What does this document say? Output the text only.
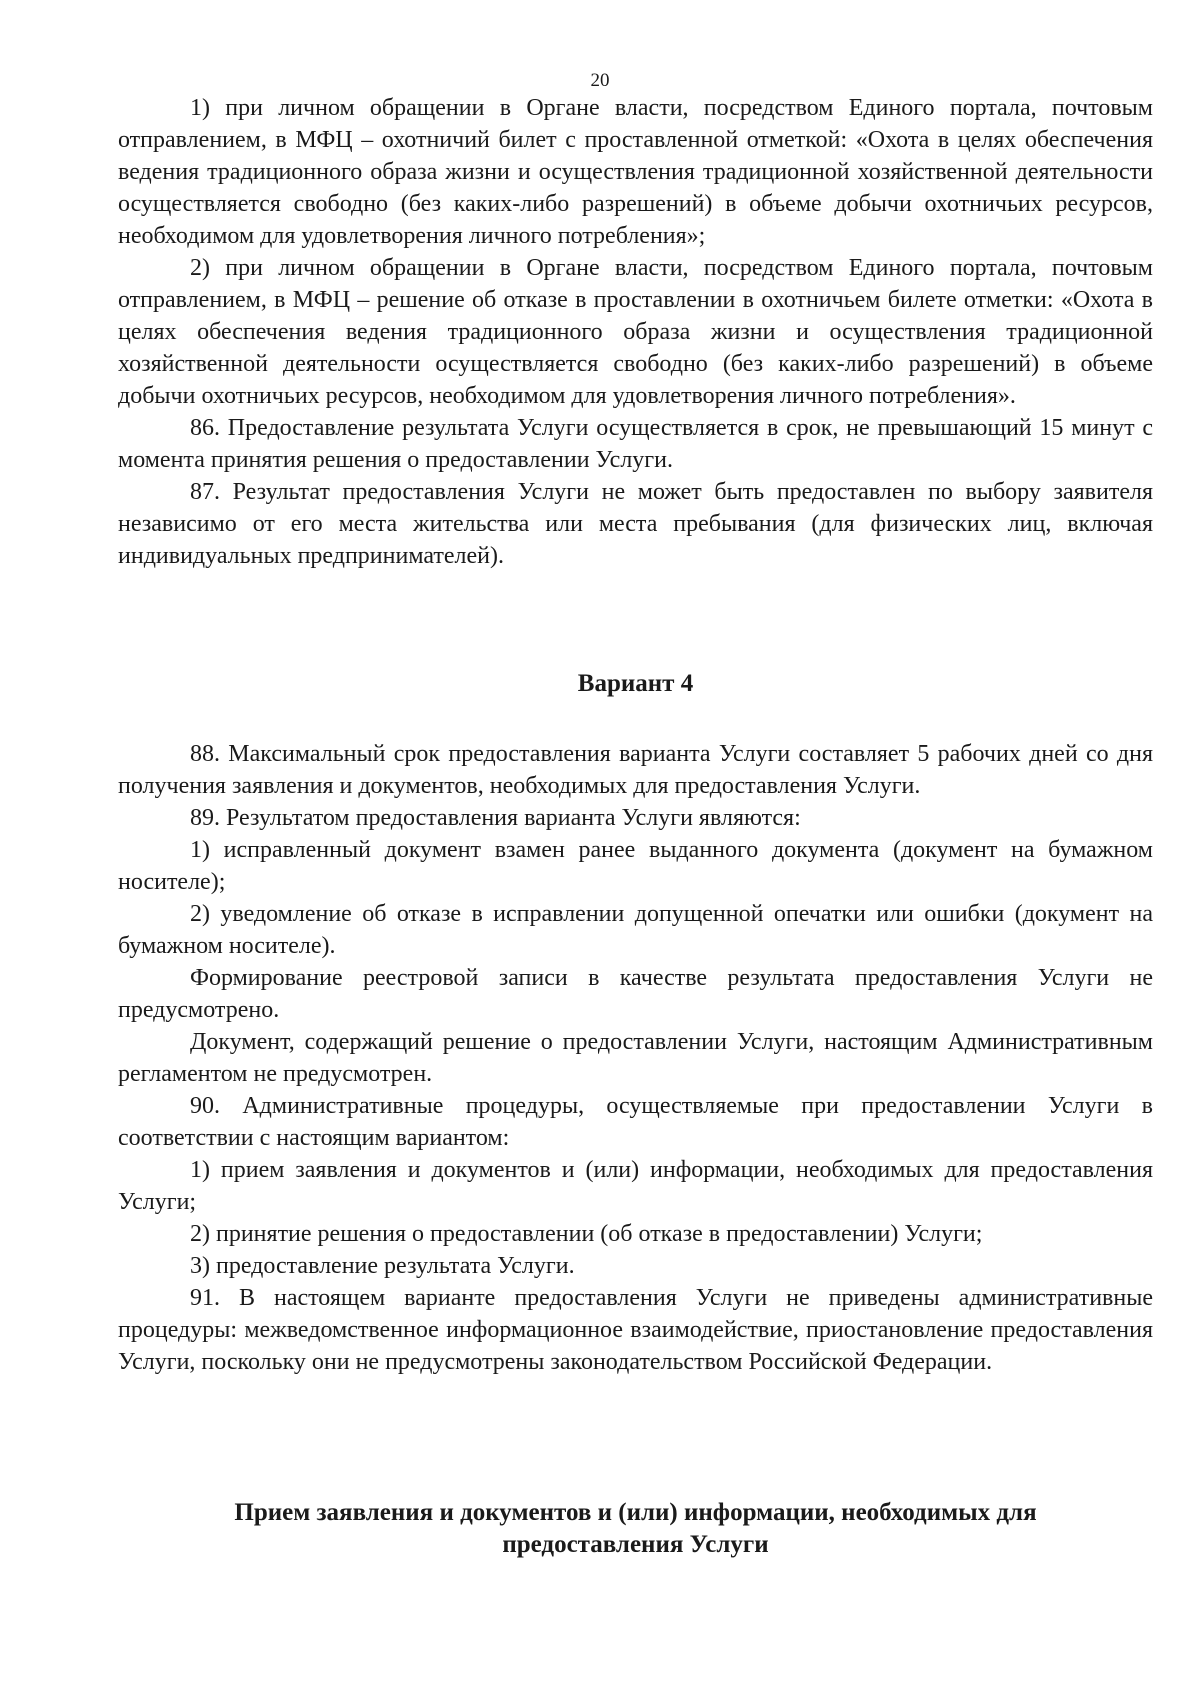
20

1) при личном обращении в Органе власти, посредством Единого портала, почтовым отправлением, в МФЦ – охотничий билет с проставленной отметкой: «Охота в целях обеспечения ведения традиционного образа жизни и осуществления традиционной хозяйственной деятельности осуществляется свободно (без каких-либо разрешений) в объеме добычи охотничьих ресурсов, необходимом для удовлетворения личного потребления»;

2) при личном обращении в Органе власти, посредством Единого портала, почтовым отправлением, в МФЦ – решение об отказе в проставлении в охотничьем билете отметки: «Охота в целях обеспечения ведения традиционного образа жизни и осуществления традиционной хозяйственной деятельности осуществляется свободно (без каких-либо разрешений) в объеме добычи охотничьих ресурсов, необходимом для удовлетворения личного потребления».

86. Предоставление результата Услуги осуществляется в срок, не превышающий 15 минут с момента принятия решения о предоставлении Услуги.

87. Результат предоставления Услуги не может быть предоставлен по выбору заявителя независимо от его места жительства или места пребывания (для физических лиц, включая индивидуальных предпринимателей).

Вариант 4

88. Максимальный срок предоставления варианта Услуги составляет 5 рабочих дней со дня получения заявления и документов, необходимых для предоставления Услуги.

89. Результатом предоставления варианта Услуги являются:

1) исправленный документ взамен ранее выданного документа (документ на бумажном носителе);

2) уведомление об отказе в исправлении допущенной опечатки или ошибки (документ на бумажном носителе).

Формирование реестровой записи в качестве результата предоставления Услуги не предусмотрено.

Документ, содержащий решение о предоставлении Услуги, настоящим Административным регламентом не предусмотрен.

90. Административные процедуры, осуществляемые при предоставлении Услуги в соответствии с настоящим вариантом:

1) прием заявления и документов и (или) информации, необходимых для предоставления Услуги;

2) принятие решения о предоставлении (об отказе в предоставлении) Услуги;

3) предоставление результата Услуги.

91. В настоящем варианте предоставления Услуги не приведены административные процедуры: межведомственное информационное взаимодействие, приостановление предоставления Услуги, поскольку они не предусмотрены законодательством Российской Федерации.

Прием заявления и документов и (или) информации, необходимых для
предоставления Услуги
